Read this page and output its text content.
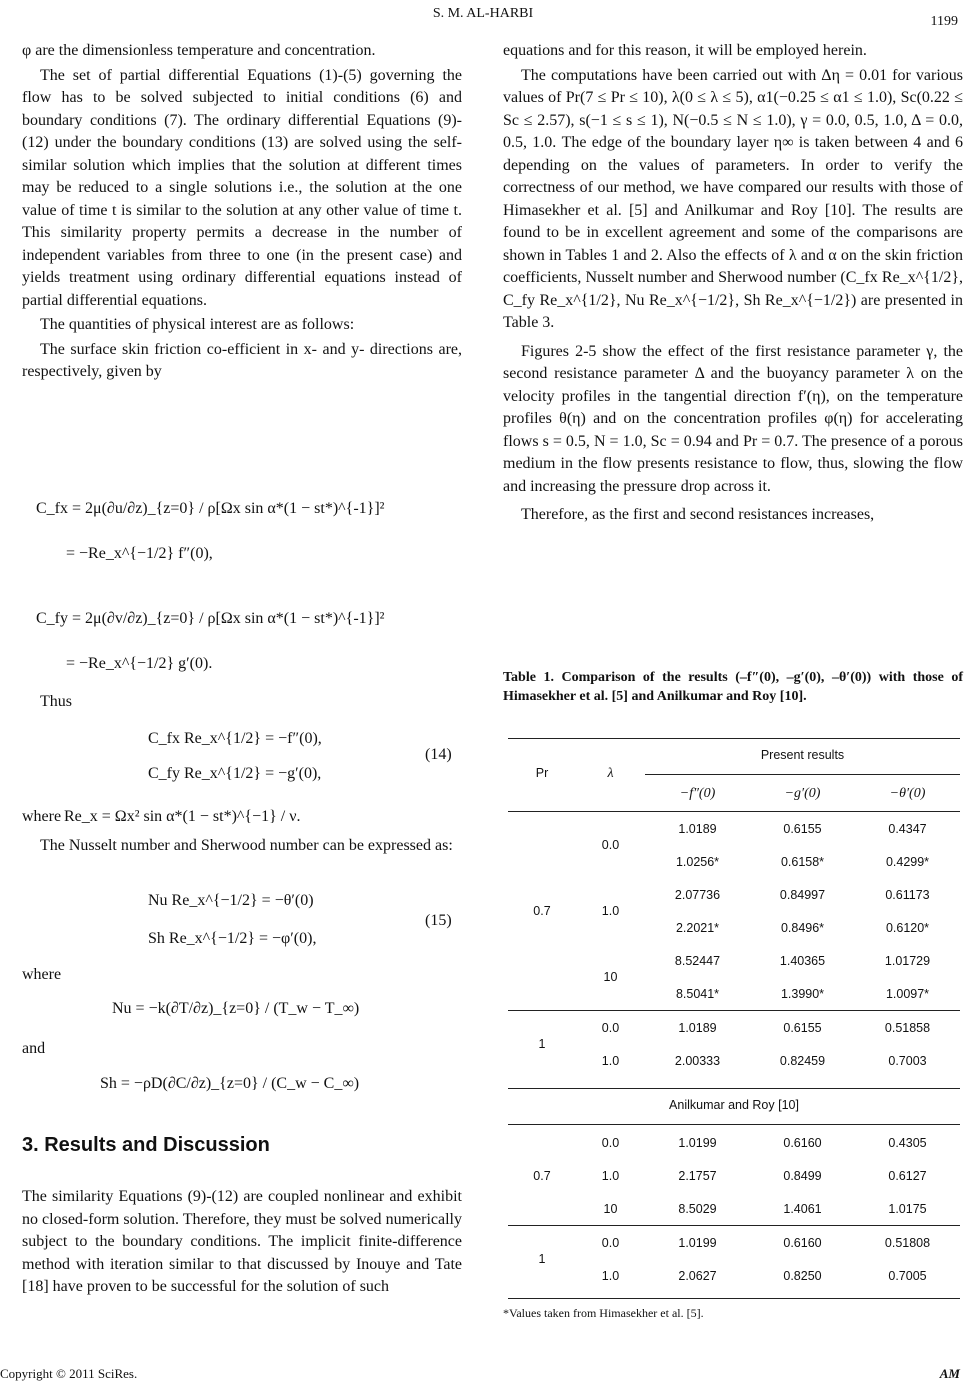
S. M. AL-HARBI
1199

φ are the dimensionless temperature and concentration.

The set of partial differential Equations (1)-(5) governing the flow has to be solved subjected to initial conditions (6) and boundary conditions (7). The ordinary differential Equations (9)-(12) under the boundary conditions (13) are solved using the self-similar solution which implies that the solution at different times may be reduced to a single solutions i.e., the solution at the one value of time t is similar to the solution at any other value of time t. This similarity property permits a decrease in the number of independent variables from three to one (in the present case) and yields treatment using ordinary differential equations instead of partial differential equations.

The quantities of physical interest are as follows:

The surface skin friction co-efficient in x- and y- directions are, respectively, given by

C_fx = 2μ(∂u/∂z)_{z=0} / ρ[Ωx sin α*(1 − st*)^{-1}]²
= −Re_x^{−1/2} f″(0),
C_fy = 2μ(∂v/∂z)_{z=0} / ρ[Ωx sin α*(1 − st*)^{-1}]²
= −Re_x^{−1/2} g′(0).
Thus
C_fx Re_x^{1/2} = −f″(0),
C_fy Re_x^{1/2} = −g′(0),
(14)
where Re_x = Ωx² sin α*(1 − st*)^{−1} / ν.
The Nusselt number and Sherwood number can be expressed as:
Nu Re_x^{−1/2} = −θ′(0)
Sh Re_x^{−1/2} = −φ′(0),
(15)
where
Nu = −k(∂T/∂z)_{z=0} / (T_w − T_∞)
and
Sh = −ρD(∂C/∂z)_{z=0} / (C_w − C_∞)
3. Results and Discussion
The similarity Equations (9)-(12) are coupled nonlinear and exhibit no closed-form solution. Therefore, they must be solved numerically subject to the boundary conditions. The implicit finite-difference method with iteration similar to that discussed by Inouye and Tate [18] have proven to be successful for the solution of such

equations and for this reason, it will be employed herein.

The computations have been carried out with Δη = 0.01 for various values of Pr(7 ≤ Pr ≤ 10), λ(0 ≤ λ ≤ 5), α1(−0.25 ≤ α1 ≤ 1.0), Sc(0.22 ≤ Sc ≤ 2.57), s(−1 ≤ s ≤ 1), N(−0.5 ≤ N ≤ 1.0), γ = 0.0, 0.5, 1.0, Δ = 0.0, 0.5, 1.0. The edge of the boundary layer η∞ is taken between 4 and 6 depending on the values of parameters. In order to verify the correctness of our method, we have compared our results with those of Himasekher et al. [5] and Anilkumar and Roy [10]. The results are found to be in excellent agreement and some of the comparisons are shown in Tables 1 and 2. Also the effects of λ and α on the skin friction coefficients, Nusselt number and Sherwood number (C_fx Re_x^{1/2}, C_fy Re_x^{1/2}, Nu Re_x^{−1/2}, Sh Re_x^{−1/2}) are presented in Table 3.

Figures 2-5 show the effect of the first resistance parameter γ, the second resistance parameter Δ and the buoyancy parameter λ on the velocity profiles in the tangential direction f′(η), on the temperature profiles θ(η) and on the concentration profiles φ(η) for accelerating flows s = 0.5, N = 1.0, Sc = 0.94 and Pr = 0.7. The presence of a porous medium in the flow presents resistance to flow, thus, slowing the flow and increasing the pressure drop across it.

Therefore, as the first and second resistances increases,

Table 1. Comparison of the results (–f″(0), –g′(0), –θ′(0)) with those of Himasekher et al. [5] and Anilkumar and Roy [10].
Present results
Pr	λ
−f″(0)	−g′(0)	−θ′(0)
0.7	0.0	1.0189	0.6155	0.4347
		1.0256*	0.6158*	0.4299*
	1.0	2.07736	0.84997	0.61173
		2.2021*	0.8496*	0.6120*
	10	8.52447	1.40365	1.01729
		8.5041*	1.3990*	1.0097*
1	0.0	1.0189	0.6155	0.51858
	1.0	2.00333	0.82459	0.7003
Anilkumar and Roy [10]
0.7	0.0	1.0199	0.6160	0.4305
	1.0	2.1757	0.8499	0.6127
	10	8.5029	1.4061	1.0175
1	0.0	1.0199	0.6160	0.51808
	1.0	2.0627	0.8250	0.7005
*Values taken from Himasekher et al. [5].
Copyright © 2011 SciRes.	AM
